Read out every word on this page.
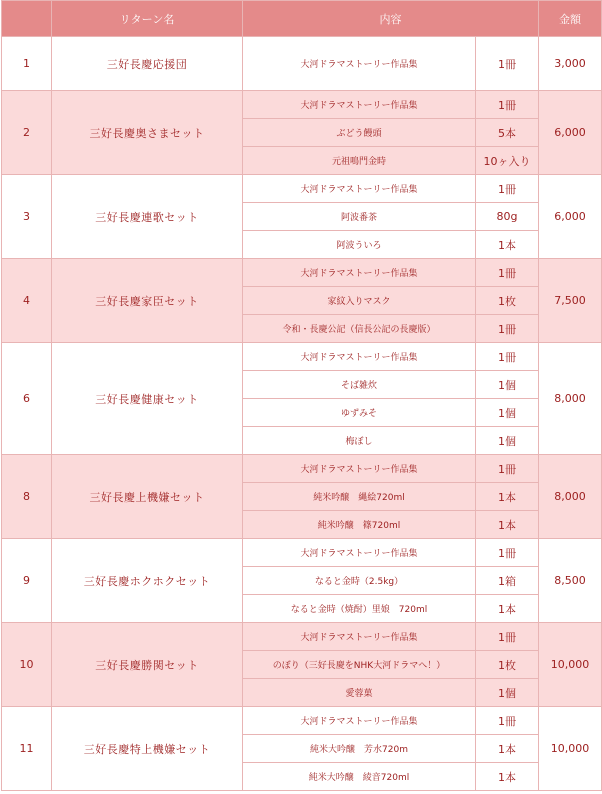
	リターン名	内容		金額
1	三好長慶応援団	大河ドラマストーリー作品集	1冊	3,000
2	三好長慶奥さまセット	大河ドラマストーリー作品集	1冊	6,000
		ぶどう饅頭	5本	
		元祖鳴門金時	10ヶ入り	
3	三好長慶連歌セット	大河ドラマストーリー作品集	1冊	6,000
		阿波番茶	80g	
		阿波ういろ	1本	
4	三好長慶家臣セット	大河ドラマストーリー作品集	1冊	7,500
		家紋入りマスク	1枚	
		令和・長慶公記（信長公記の長慶版）	1冊	
6	三好長慶健康セット	大河ドラマストーリー作品集	1冊	8,000
		そば雑炊	1個	
		ゆずみそ	1個	
		梅ぼし	1個	
8	三好長慶上機嫌セット	大河ドラマストーリー作品集	1冊	8,000
		純米吟醸　縄絵720ml	1本	
		純米吟醸　篠720ml	1本	
9	三好長慶ホクホクセット	大河ドラマストーリー作品集	1冊	8,500
		なると金時（2.5kg）	1箱	
		なると金時（焼酎）里娘　720ml	1本	
10	三好長慶勝関セット	大河ドラマストーリー作品集	1冊	10,000
		のぼり（三好長慶をNHK大河ドラマへ！）	1枚	
		愛蓉菓	1個	
11	三好長慶特上機嫌セット	大河ドラマストーリー作品集	1冊	10,000
		純米大吟醸　芳水720m	1本	
		純米大吟醸　綾音720ml	1本	
